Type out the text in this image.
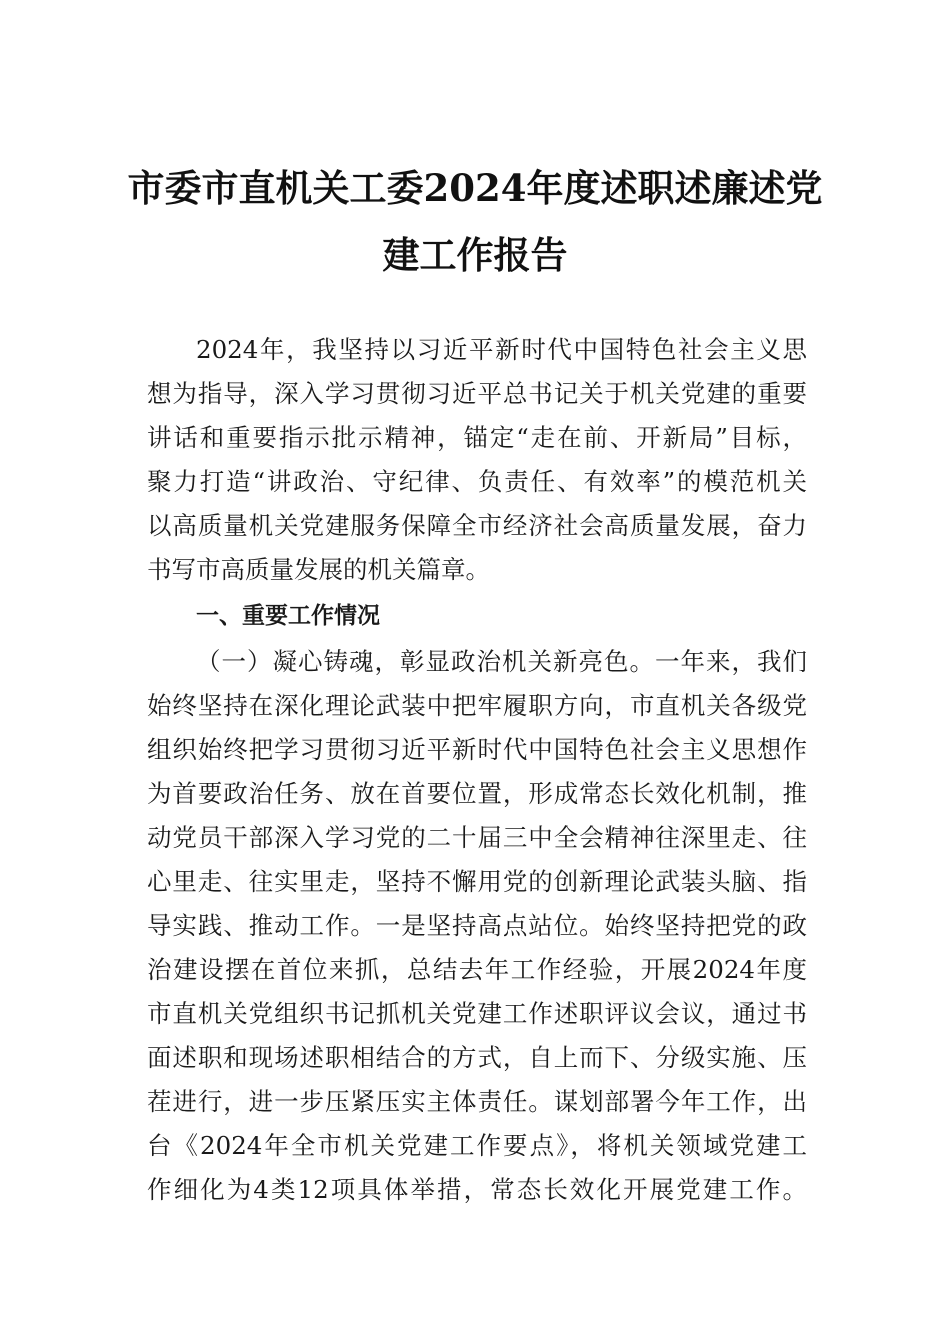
市委市直机关工委2024年度述职述廉述党
建工作报告
2024年，我坚持以习近平新时代中国特色社会主义思
想为指导，深入学习贯彻习近平总书记关于机关党建的重要
讲话和重要指示批示精神，锚定“走在前、开新局”目标，
聚力打造“讲政治、守纪律、负责任、有效率”的模范机关
以高质量机关党建服务保障全市经济社会高质量发展，奋力
书写市高质量发展的机关篇章。
一、重要工作情况
（一）凝心铸魂，彰显政治机关新亮色。一年来，我们
始终坚持在深化理论武装中把牢履职方向，市直机关各级党
组织始终把学习贯彻习近平新时代中国特色社会主义思想作
为首要政治任务、放在首要位置，形成常态长效化机制，推
动党员干部深入学习党的二十届三中全会精神往深里走、往
心里走、往实里走，坚持不懈用党的创新理论武装头脑、指
导实践、推动工作。一是坚持高点站位。始终坚持把党的政
治建设摆在首位来抓，总结去年工作经验，开展2024年度
市直机关党组织书记抓机关党建工作述职评议会议，通过书
面述职和现场述职相结合的方式，自上而下、分级实施、压
茬进行，进一步压紧压实主体责任。谋划部署今年工作，出
台《2024年全市机关党建工作要点》，将机关领域党建工
作细化为4类12项具体举措，常态长效化开展党建工作。
